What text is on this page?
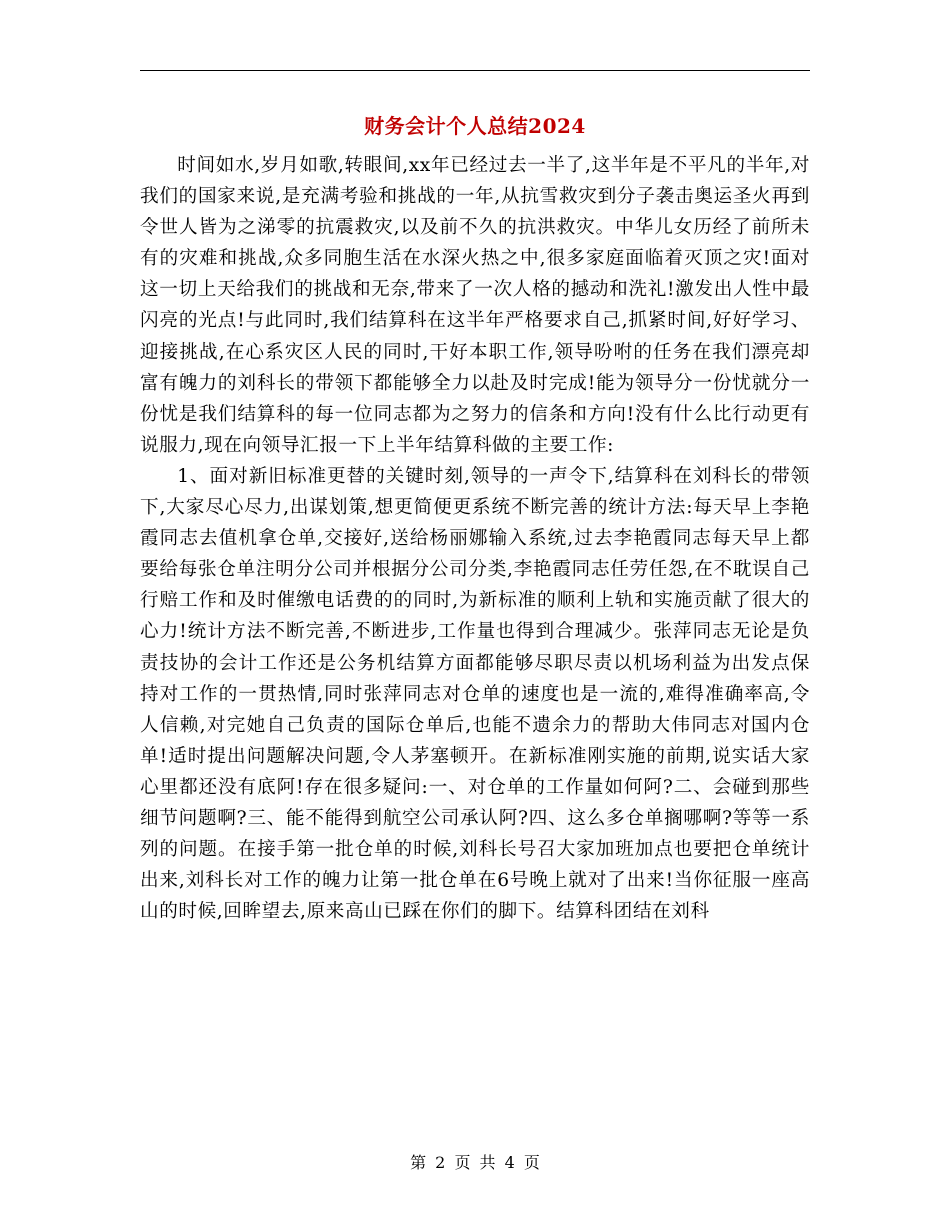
财务会计个人总结2024

时间如水,岁月如歌,转眼间,xx年已经过去一半了,这半年是不平凡的半年,对我们的国家来说,是充满考验和挑战的一年,从抗雪救灾到分子袭击奥运圣火再到令世人皆为之涕零的抗震救灾,以及前不久的抗洪救灾。中华儿女历经了前所未有的灾难和挑战,众多同胞生活在水深火热之中,很多家庭面临着灭顶之灾!面对这一切上天给我们的挑战和无奈,带来了一次人格的撼动和洗礼!激发出人性中最闪亮的光点!与此同时,我们结算科在这半年严格要求自己,抓紧时间,好好学习、迎接挑战,在心系灾区人民的同时,干好本职工作,领导吩咐的任务在我们漂亮却富有魄力的刘科长的带领下都能够全力以赴及时完成!能为领导分一份忧就分一份忧是我们结算科的每一位同志都为之努力的信条和方向!没有什么比行动更有说服力,现在向领导汇报一下上半年结算科做的主要工作:

1、面对新旧标准更替的关键时刻,领导的一声令下,结算科在刘科长的带领下,大家尽心尽力,出谋划策,想更简便更系统不断完善的统计方法:每天早上李艳霞同志去值机拿仓单,交接好,送给杨丽娜输入系统,过去李艳霞同志每天早上都要给每张仓单注明分公司并根据分公司分类,李艳霞同志任劳任怨,在不耽误自己行赔工作和及时催缴电话费的的同时,为新标准的顺利上轨和实施贡献了很大的心力!统计方法不断完善,不断进步,工作量也得到合理减少。张萍同志无论是负责技协的会计工作还是公务机结算方面都能够尽职尽责以机场利益为出发点保持对工作的一贯热情,同时张萍同志对仓单的速度也是一流的,难得准确率高,令人信赖,对完她自己负责的国际仓单后,也能不遗余力的帮助大伟同志对国内仓单!适时提出问题解决问题,令人茅塞顿开。在新标准刚实施的前期,说实话大家心里都还没有底阿!存在很多疑问:一、对仓单的工作量如何阿?二、会碰到那些细节问题啊?三、能不能得到航空公司承认阿?四、这么多仓单搁哪啊?等等一系列的问题。在接手第一批仓单的时候,刘科长号召大家加班加点也要把仓单统计出来,刘科长对工作的魄力让第一批仓单在6号晚上就对了出来!当你征服一座高山的时候,回眸望去,原来高山已踩在你们的脚下。结算科团结在刘科

第 2 页 共 4 页
